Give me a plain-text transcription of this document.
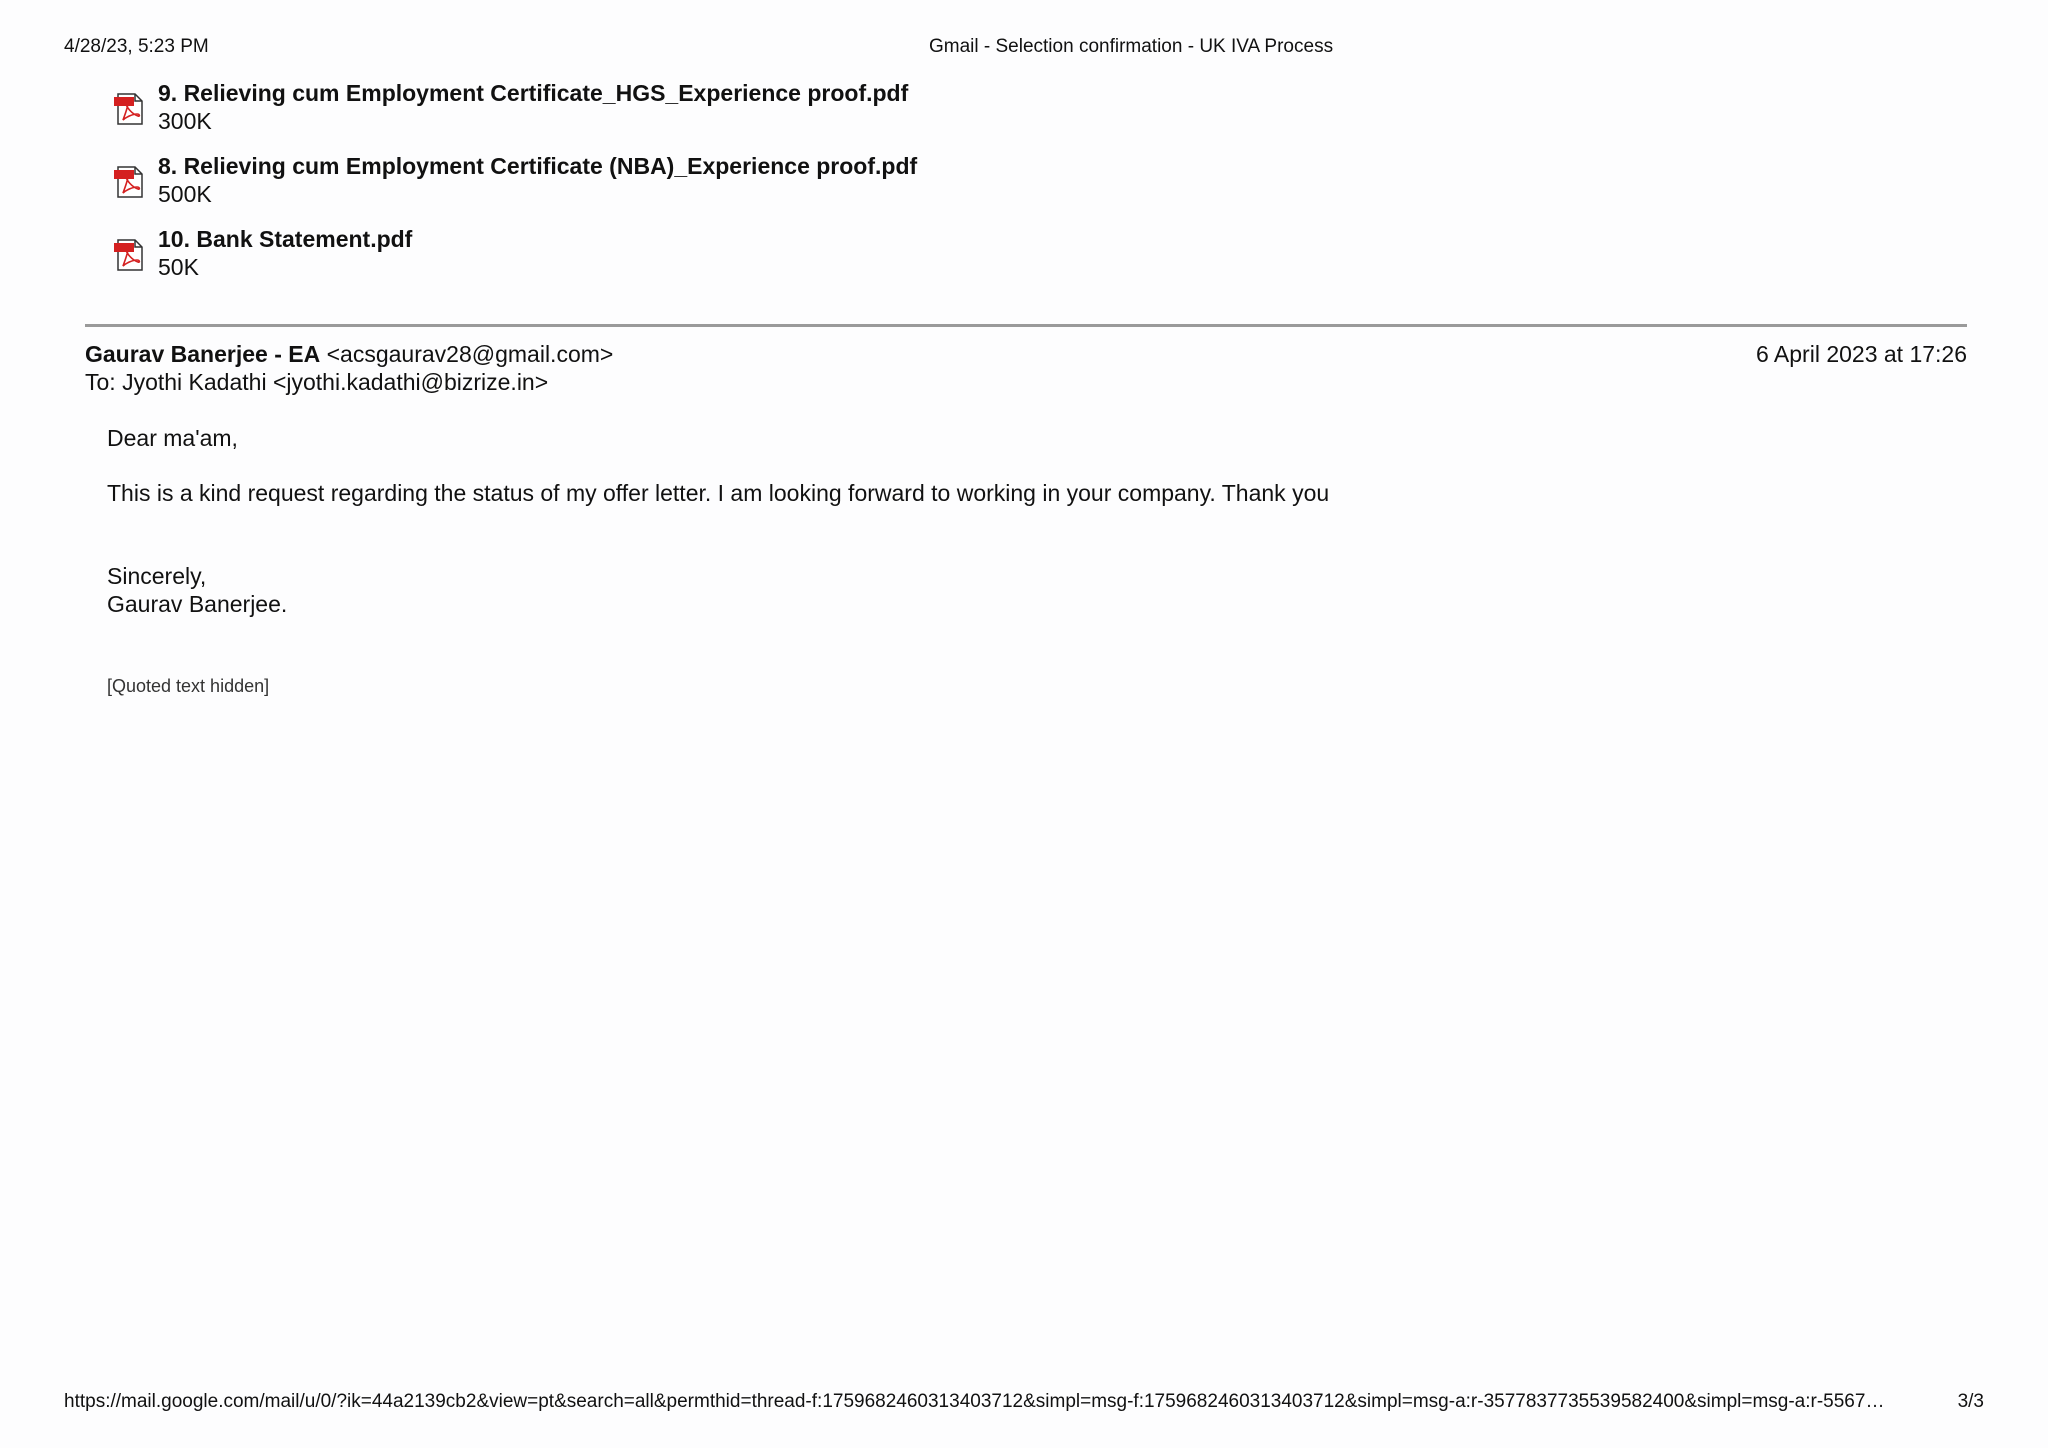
4/28/23, 5:23 PM	Gmail - Selection confirmation - UK IVA Process
9. Relieving cum Employment Certificate_HGS_Experience proof.pdf
300K
8. Relieving cum Employment Certificate (NBA)_Experience proof.pdf
500K
10. Bank Statement.pdf
50K
Gaurav Banerjee - EA <acsgaurav28@gmail.com>	6 April 2023 at 17:26
To: Jyothi Kadathi <jyothi.kadathi@bizrize.in>

Dear ma'am,

This is a kind request regarding the status of my offer letter. I am looking forward to working in your company. Thank you

Sincerely,

Gaurav Banerjee.

[Quoted text hidden]
https://mail.google.com/mail/u/0/?ik=44a2139cb2&view=pt&search=all&permthid=thread-f:1759682460313403712&simpl=msg-f:1759682460313403712&simpl=msg-a:r-3577837735539582400&simpl=msg-a:r-5567…	3/3
